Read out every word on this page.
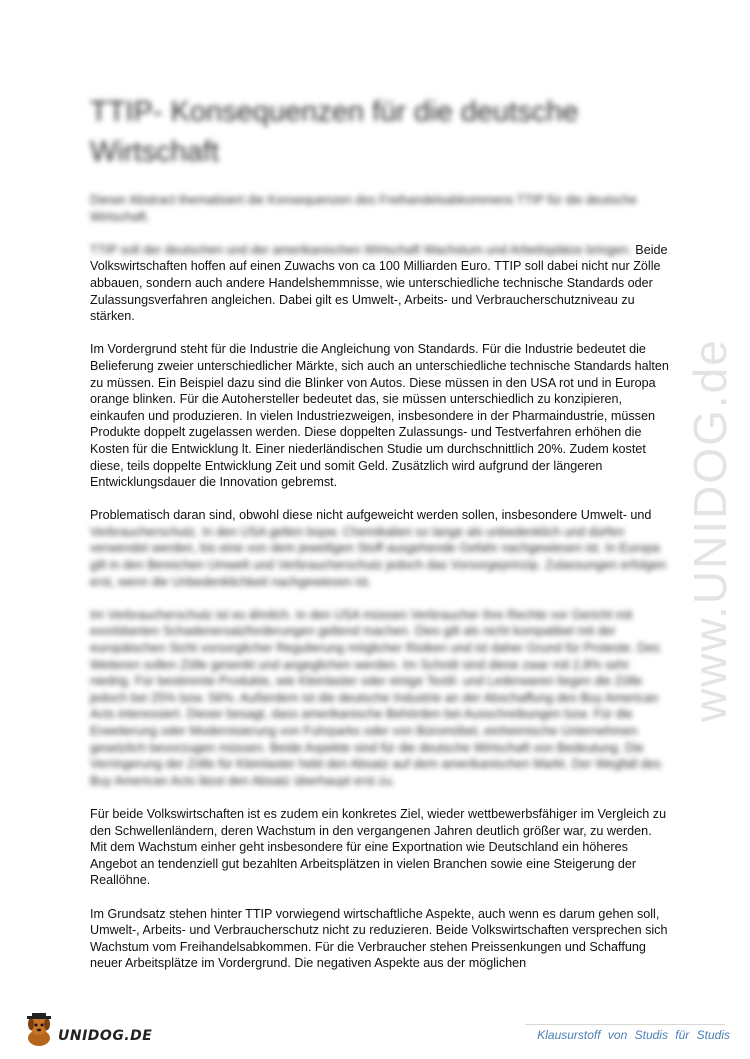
TTIP- Konsequenzen für die deutsche Wirtschaft

Dieser Abstract thematisiert die Konsequenzen des Freihandelsabkommens TTIP für die deutsche Wirtschaft.

TTIP soll der deutschen und der amerikanischen Wirtschaft Wachstum und Arbeitsplätze bringen. Beide Volkswirtschaften hoffen auf einen Zuwachs von ca 100 Milliarden Euro. TTIP soll dabei nicht nur Zölle abbauen, sondern auch andere Handelshemmnisse, wie unterschiedliche technische Standards oder Zulassungsverfahren angleichen. Dabei gilt es Umwelt-, Arbeits- und Verbraucherschutzniveau zu stärken.

Im Vordergrund steht für die Industrie die Angleichung von Standards. Für die Industrie bedeutet die Belieferung zweier unterschiedlicher Märkte, sich auch an unterschiedliche technische Standards halten zu müssen. Ein Beispiel dazu sind die Blinker von Autos. Diese müssen in den USA rot und in Europa orange blinken. Für die Autohersteller bedeutet das, sie müssen unterschiedlich zu konzipieren, einkaufen und produzieren. In vielen Industriezweigen, insbesondere in der Pharmaindustrie, müssen Produkte doppelt zugelassen werden. Diese doppelten Zulassungs- und Testverfahren erhöhen die Kosten für die Entwicklung lt. Einer niederländischen Studie um durchschnittlich 20%. Zudem kostet diese, teils doppelte Entwicklung Zeit und somit Geld. Zusätzlich wird aufgrund der längeren Entwicklungsdauer die Innovation gebremst.

Problematisch daran sind, obwohl diese nicht aufgeweicht werden sollen, insbesondere Umwelt- und Verbraucherschutz. In den USA gelten bspw. Chemikalien so lange als unbedenklich und dürfen verwendet werden, bis eine von dem jeweiligen Stoff ausgehende Gefahr nachgewiesen ist. In Europa gilt in den Bereichen Umwelt und Verbraucherschutz jedoch das Vorsorgeprinzip. Zulassungen erfolgen erst, wenn die Unbedenklichkeit nachgewiesen ist.

Im Verbraucherschutz ist es ähnlich. In den USA müssen Verbraucher ihre Rechte vor Gericht mit exorbitanten Schadenersatzforderungen geltend machen. Dies gilt als nicht kompatibel mit der europäischen Sicht vorsorglicher Regulierung möglicher Risiken und ist daher Grund für Proteste. Des Weiteren sollen Zölle gesenkt und angeglichen werden. Im Schnitt sind diese zwar mit 2,8% sehr niedrig. Für bestimmte Produkte, wie Kleinlaster oder einige Textil- und Lederwaren liegen die Zölle jedoch bei 25% bzw. 56%. Außerdem ist die deutsche Industrie an der Abschaffung des Buy American Acts interessiert. Dieser besagt, dass amerikanische Behörden bei Ausschreibungen bzw. Für die Erweiterung oder Modernisierung von Fuhrparks oder von Büromöbel, einheimische Unternehmen gesetzlich bevorzugen müssen. Beide Aspekte sind für die deutsche Wirtschaft von Bedeutung. Die Verringerung der Zölle für Kleinlaster hebt den Absatz auf dem amerikanischen Markt. Der Wegfall des Buy American Acts lässt den Absatz überhaupt erst zu.

Für beide Volkswirtschaften ist es zudem ein konkretes Ziel, wieder wettbewerbsfähiger im Vergleich zu den Schwellenländern, deren Wachstum in den vergangenen Jahren deutlich größer war, zu werden. Mit dem Wachstum einher geht insbesondere für eine Exportnation wie Deutschland ein höheres Angebot an tendenziell gut bezahlten Arbeitsplätzen in vielen Branchen sowie eine Steigerung der Reallöhne.

Im Grundsatz stehen hinter TTIP vorwiegend wirtschaftliche Aspekte, auch wenn es darum gehen soll, Umwelt-, Arbeits- und Verbraucherschutz nicht zu reduzieren. Beide Volkswirtschaften versprechen sich Wachstum vom Freihandelsabkommen. Für die Verbraucher stehen Preissenkungen und Schaffung neuer Arbeitsplätze im Vordergrund. Die negativen Aspekte aus der möglichen

www.UNIDOG.de
UNIDOG.DE	Klausurstoff von Studis für Studis
